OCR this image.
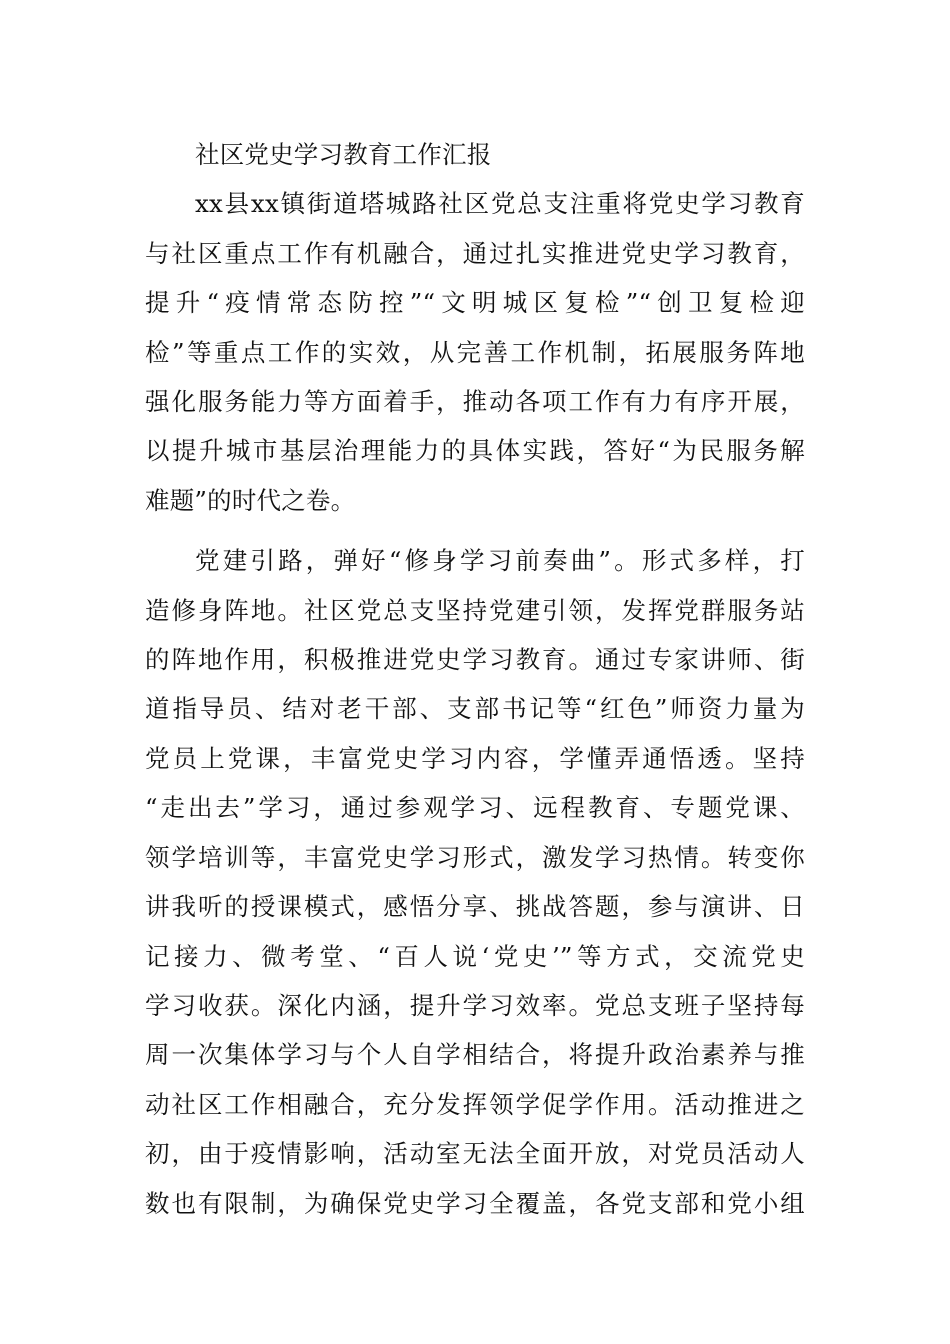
社区党史学习教育工作汇报
xx县xx镇街道塔城路社区党总支注重将党史学习教育
与社区重点工作有机融合，通过扎实推进党史学习教育，
提升“疫情常态防控”“文明城区复检”“创卫复检迎
检”等重点工作的实效，从完善工作机制，拓展服务阵地
强化服务能力等方面着手，推动各项工作有力有序开展，
以提升城市基层治理能力的具体实践，答好“为民服务解
难题”的时代之卷。
党建引路，弹好“修身学习前奏曲”。形式多样，打
造修身阵地。社区党总支坚持党建引领，发挥党群服务站
的阵地作用，积极推进党史学习教育。通过专家讲师、街
道指导员、结对老干部、支部书记等“红色”师资力量为
党员上党课，丰富党史学习内容，学懂弄通悟透。坚持
“走出去”学习，通过参观学习、远程教育、专题党课、
领学培训等，丰富党史学习形式，激发学习热情。转变你
讲我听的授课模式，感悟分享、挑战答题，参与演讲、日
记接力、微考堂、“百人说‘党史’”等方式，交流党史
学习收获。深化内涵，提升学习效率。党总支班子坚持每
周一次集体学习与个人自学相结合，将提升政治素养与推
动社区工作相融合，充分发挥领学促学作用。活动推进之
初，由于疫情影响，活动室无法全面开放，对党员活动人
数也有限制，为确保党史学习全覆盖，各党支部和党小组
